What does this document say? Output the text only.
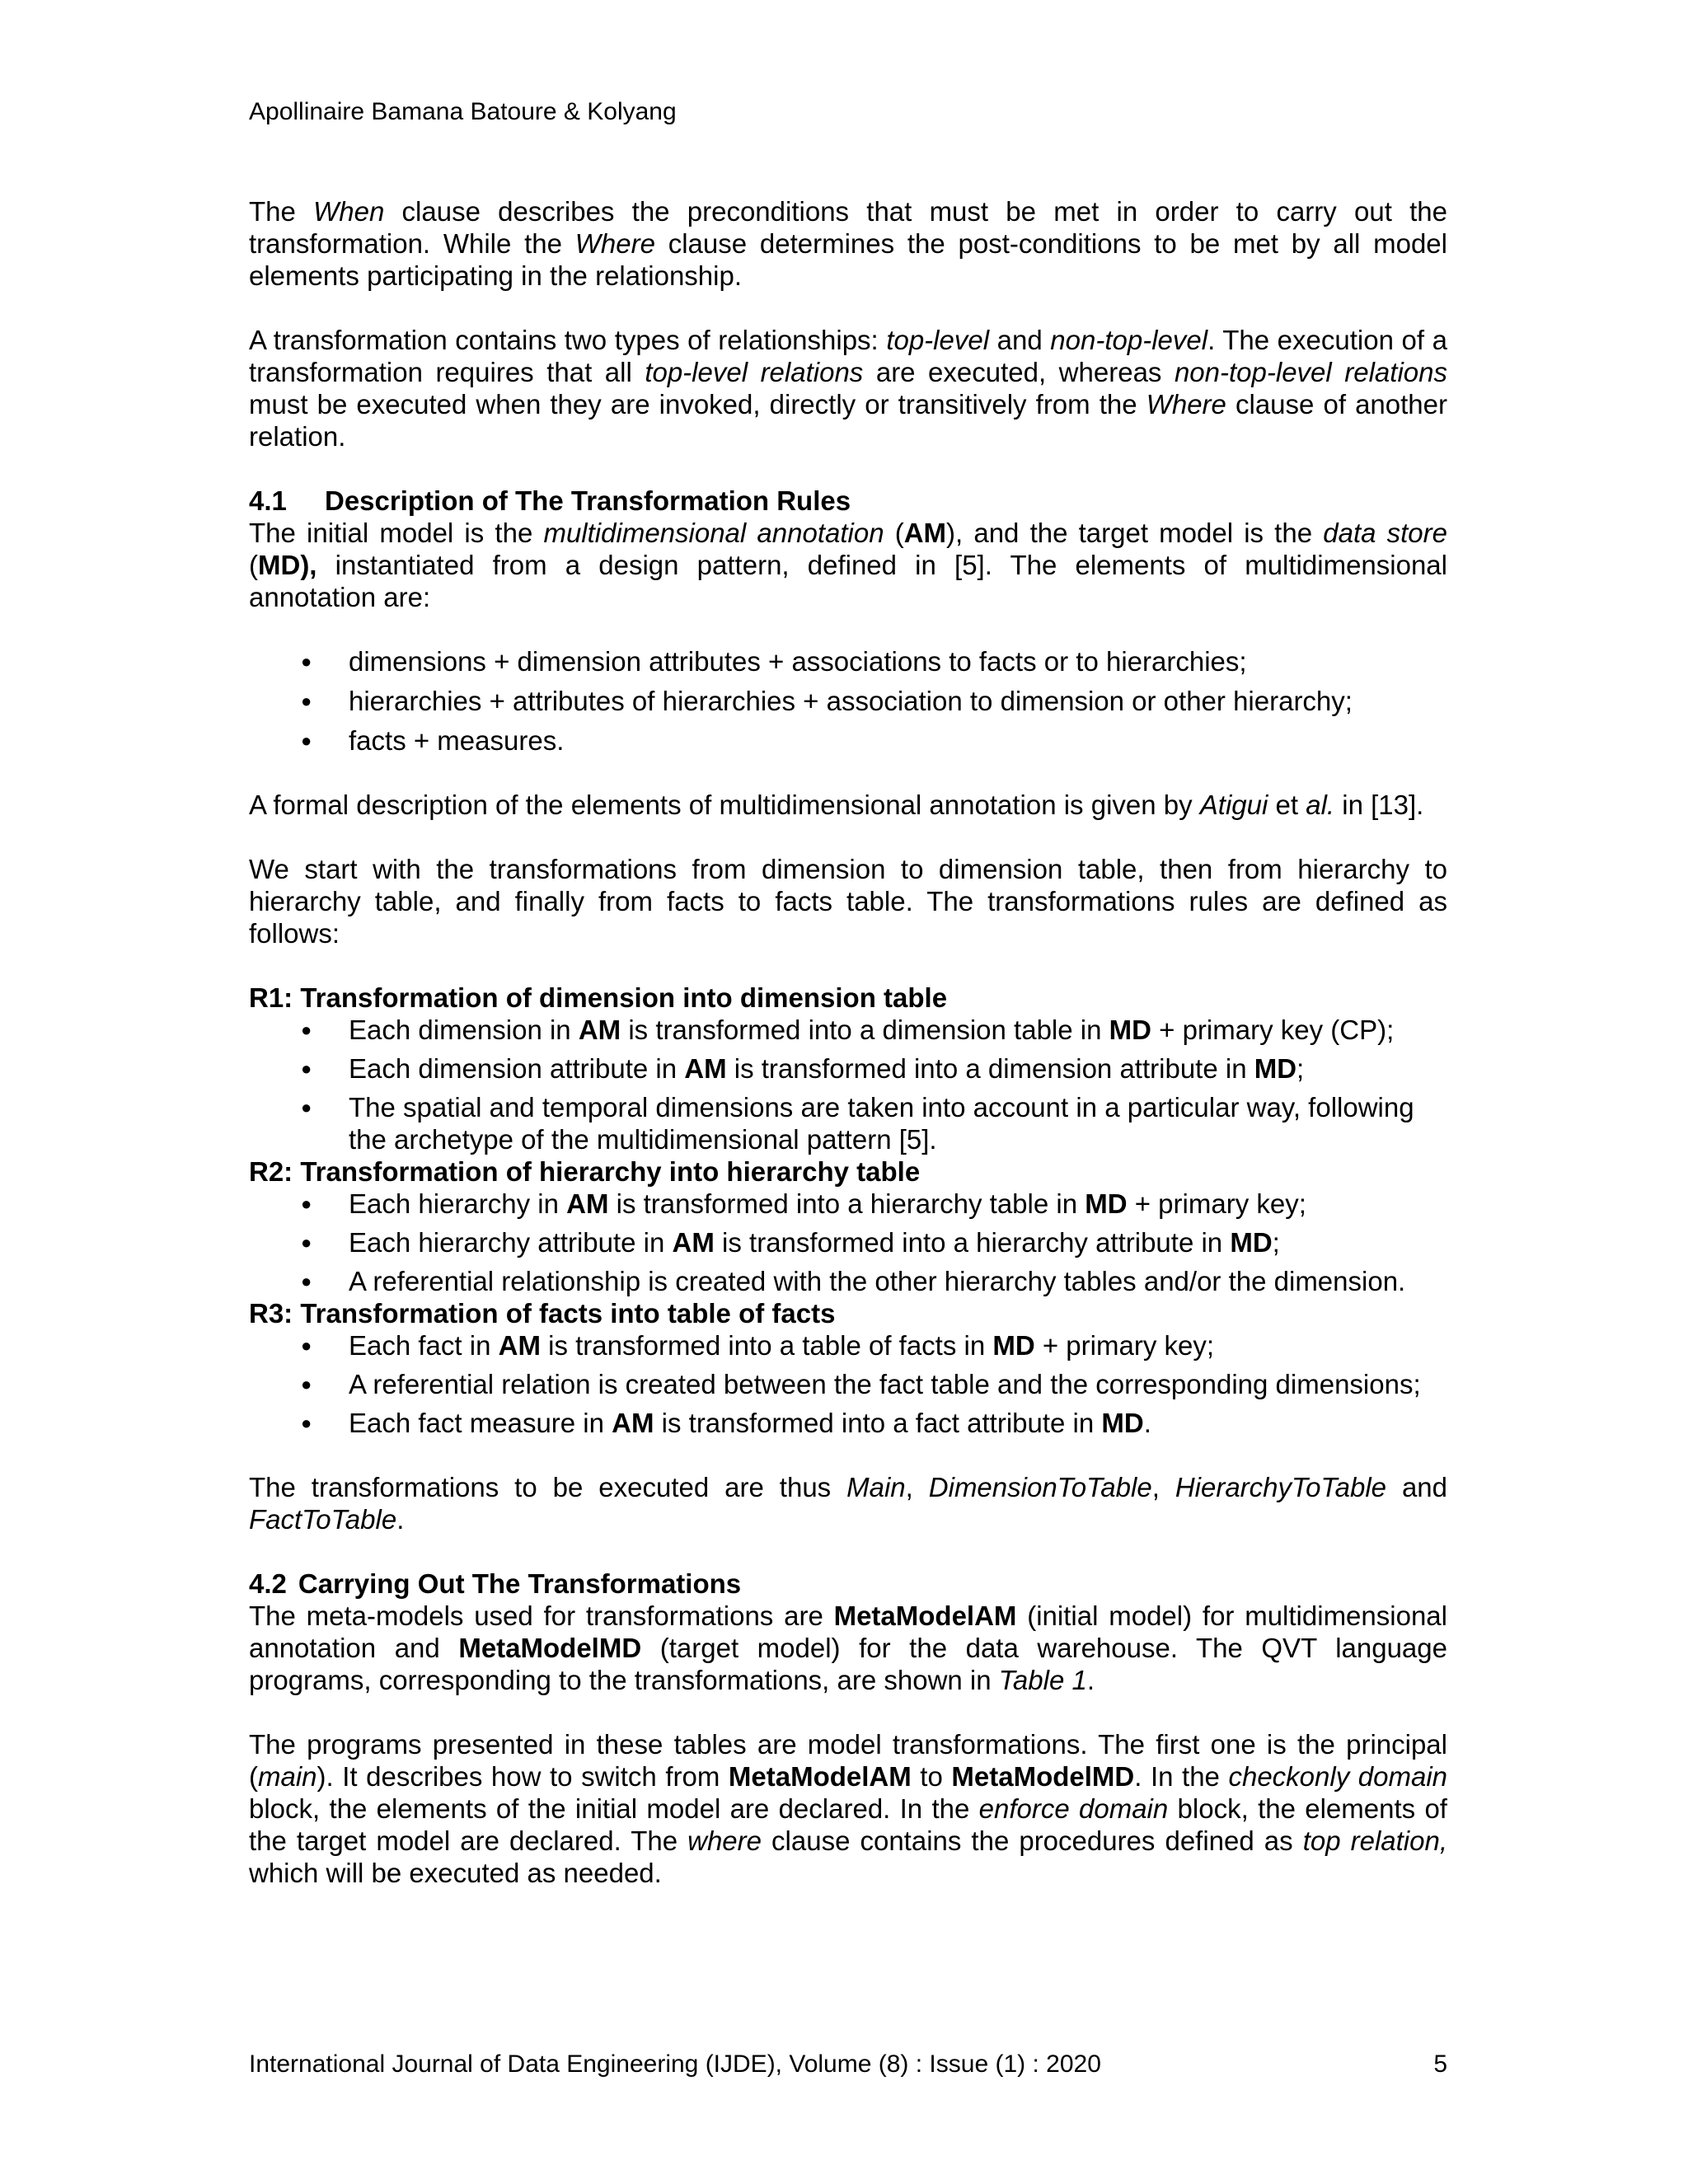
Apollinaire Bamana Batoure & Kolyang

The When clause describes the preconditions that must be met in order to carry out the transformation. While the Where clause determines the post-conditions to be met by all model elements participating in the relationship.

A transformation contains two types of relationships: top-level and non-top-level. The execution of a transformation requires that all top-level relations are executed, whereas non-top-level relations must be executed when they are invoked, directly or transitively from the Where clause of another relation.

4.1 Description of The Transformation Rules

The initial model is the multidimensional annotation (AM), and the target model is the data store (MD), instantiated from a design pattern, defined in [5]. The elements of multidimensional annotation are:

● dimensions + dimension attributes + associations to facts or to hierarchies;
● hierarchies + attributes of hierarchies + association to dimension or other hierarchy;
● facts + measures.

A formal description of the elements of multidimensional annotation is given by Atigui et al. in [13].

We start with the transformations from dimension to dimension table, then from hierarchy to hierarchy table, and finally from facts to facts table. The transformations rules are defined as follows:

R1: Transformation of dimension into dimension table
● Each dimension in AM is transformed into a dimension table in MD + primary key (CP);
● Each dimension attribute in AM is transformed into a dimension attribute in MD;
● The spatial and temporal dimensions are taken into account in a particular way, following the archetype of the multidimensional pattern [5].
R2: Transformation of hierarchy into hierarchy table
● Each hierarchy in AM is transformed into a hierarchy table in MD + primary key;
● Each hierarchy attribute in AM is transformed into a hierarchy attribute in MD;
● A referential relationship is created with the other hierarchy tables and/or the dimension.
R3: Transformation of facts into table of facts
● Each fact in AM is transformed into a table of facts in MD + primary key;
● A referential relation is created between the fact table and the corresponding dimensions;
● Each fact measure in AM is transformed into a fact attribute in MD.

The transformations to be executed are thus Main, DimensionToTable, HierarchyToTable and FactToTable.

4.2 Carrying Out The Transformations

The meta-models used for transformations are MetaModelAM (initial model) for multidimensional annotation and MetaModelMD (target model) for the data warehouse. The QVT language programs, corresponding to the transformations, are shown in Table 1.

The programs presented in these tables are model transformations. The first one is the principal (main). It describes how to switch from MetaModelAM to MetaModelMD. In the checkonly domain block, the elements of the initial model are declared. In the enforce domain block, the elements of the target model are declared. The where clause contains the procedures defined as top relation, which will be executed as needed.

International Journal of Data Engineering (IJDE), Volume (8) : Issue (1) : 2020	5
